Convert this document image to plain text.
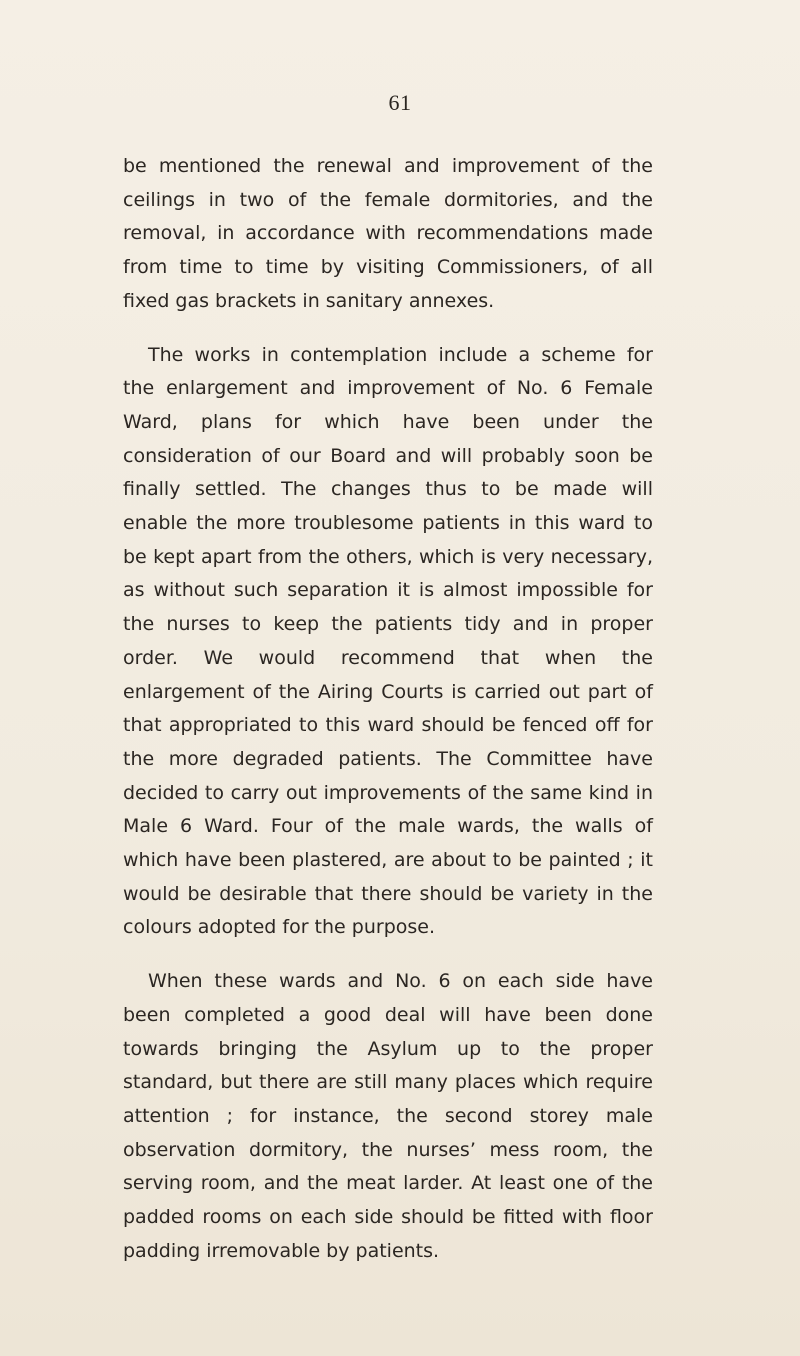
61

be mentioned the renewal and improvement of the ceilings in two of the female dormitories, and the removal, in accordance with recommendations made from time to time by visiting Commissioners, of all fixed gas brackets in sanitary annexes.

The works in contemplation include a scheme for the enlargement and improvement of No. 6 Female Ward, plans for which have been under the consideration of our Board and will probably soon be finally settled. The changes thus to be made will enable the more troublesome patients in this ward to be kept apart from the others, which is very necessary, as without such separation it is almost impossible for the nurses to keep the patients tidy and in proper order. We would recommend that when the enlargement of the Airing Courts is carried out part of that appropriated to this ward should be fenced off for the more degraded patients. The Committee have decided to carry out improvements of the same kind in Male 6 Ward. Four of the male wards, the walls of which have been plastered, are about to be painted ; it would be desirable that there should be variety in the colours adopted for the purpose.

When these wards and No. 6 on each side have been completed a good deal will have been done towards bringing the Asylum up to the proper standard, but there are still many places which require attention ; for instance, the second storey male observation dormitory, the nurses’ mess room, the serving room, and the meat larder. At least one of the padded rooms on each side should be fitted with floor padding irremovable by patients.
